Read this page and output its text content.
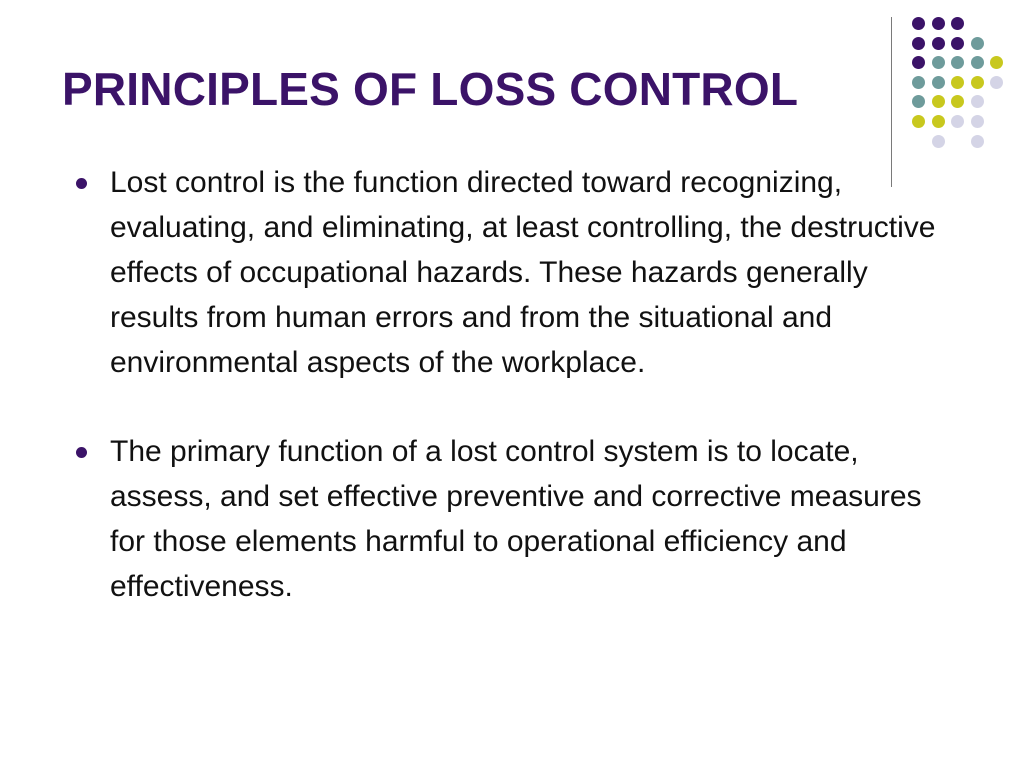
PRINCIPLES OF LOSS CONTROL
Lost control is the function directed toward recognizing, evaluating, and eliminating, at least controlling, the destructive effects of occupational hazards. These hazards generally results from human errors and from the situational and environmental aspects of the workplace.
The primary function of a lost control system is to locate, assess, and set effective preventive and corrective measures for those elements harmful to operational efficiency and effectiveness.
